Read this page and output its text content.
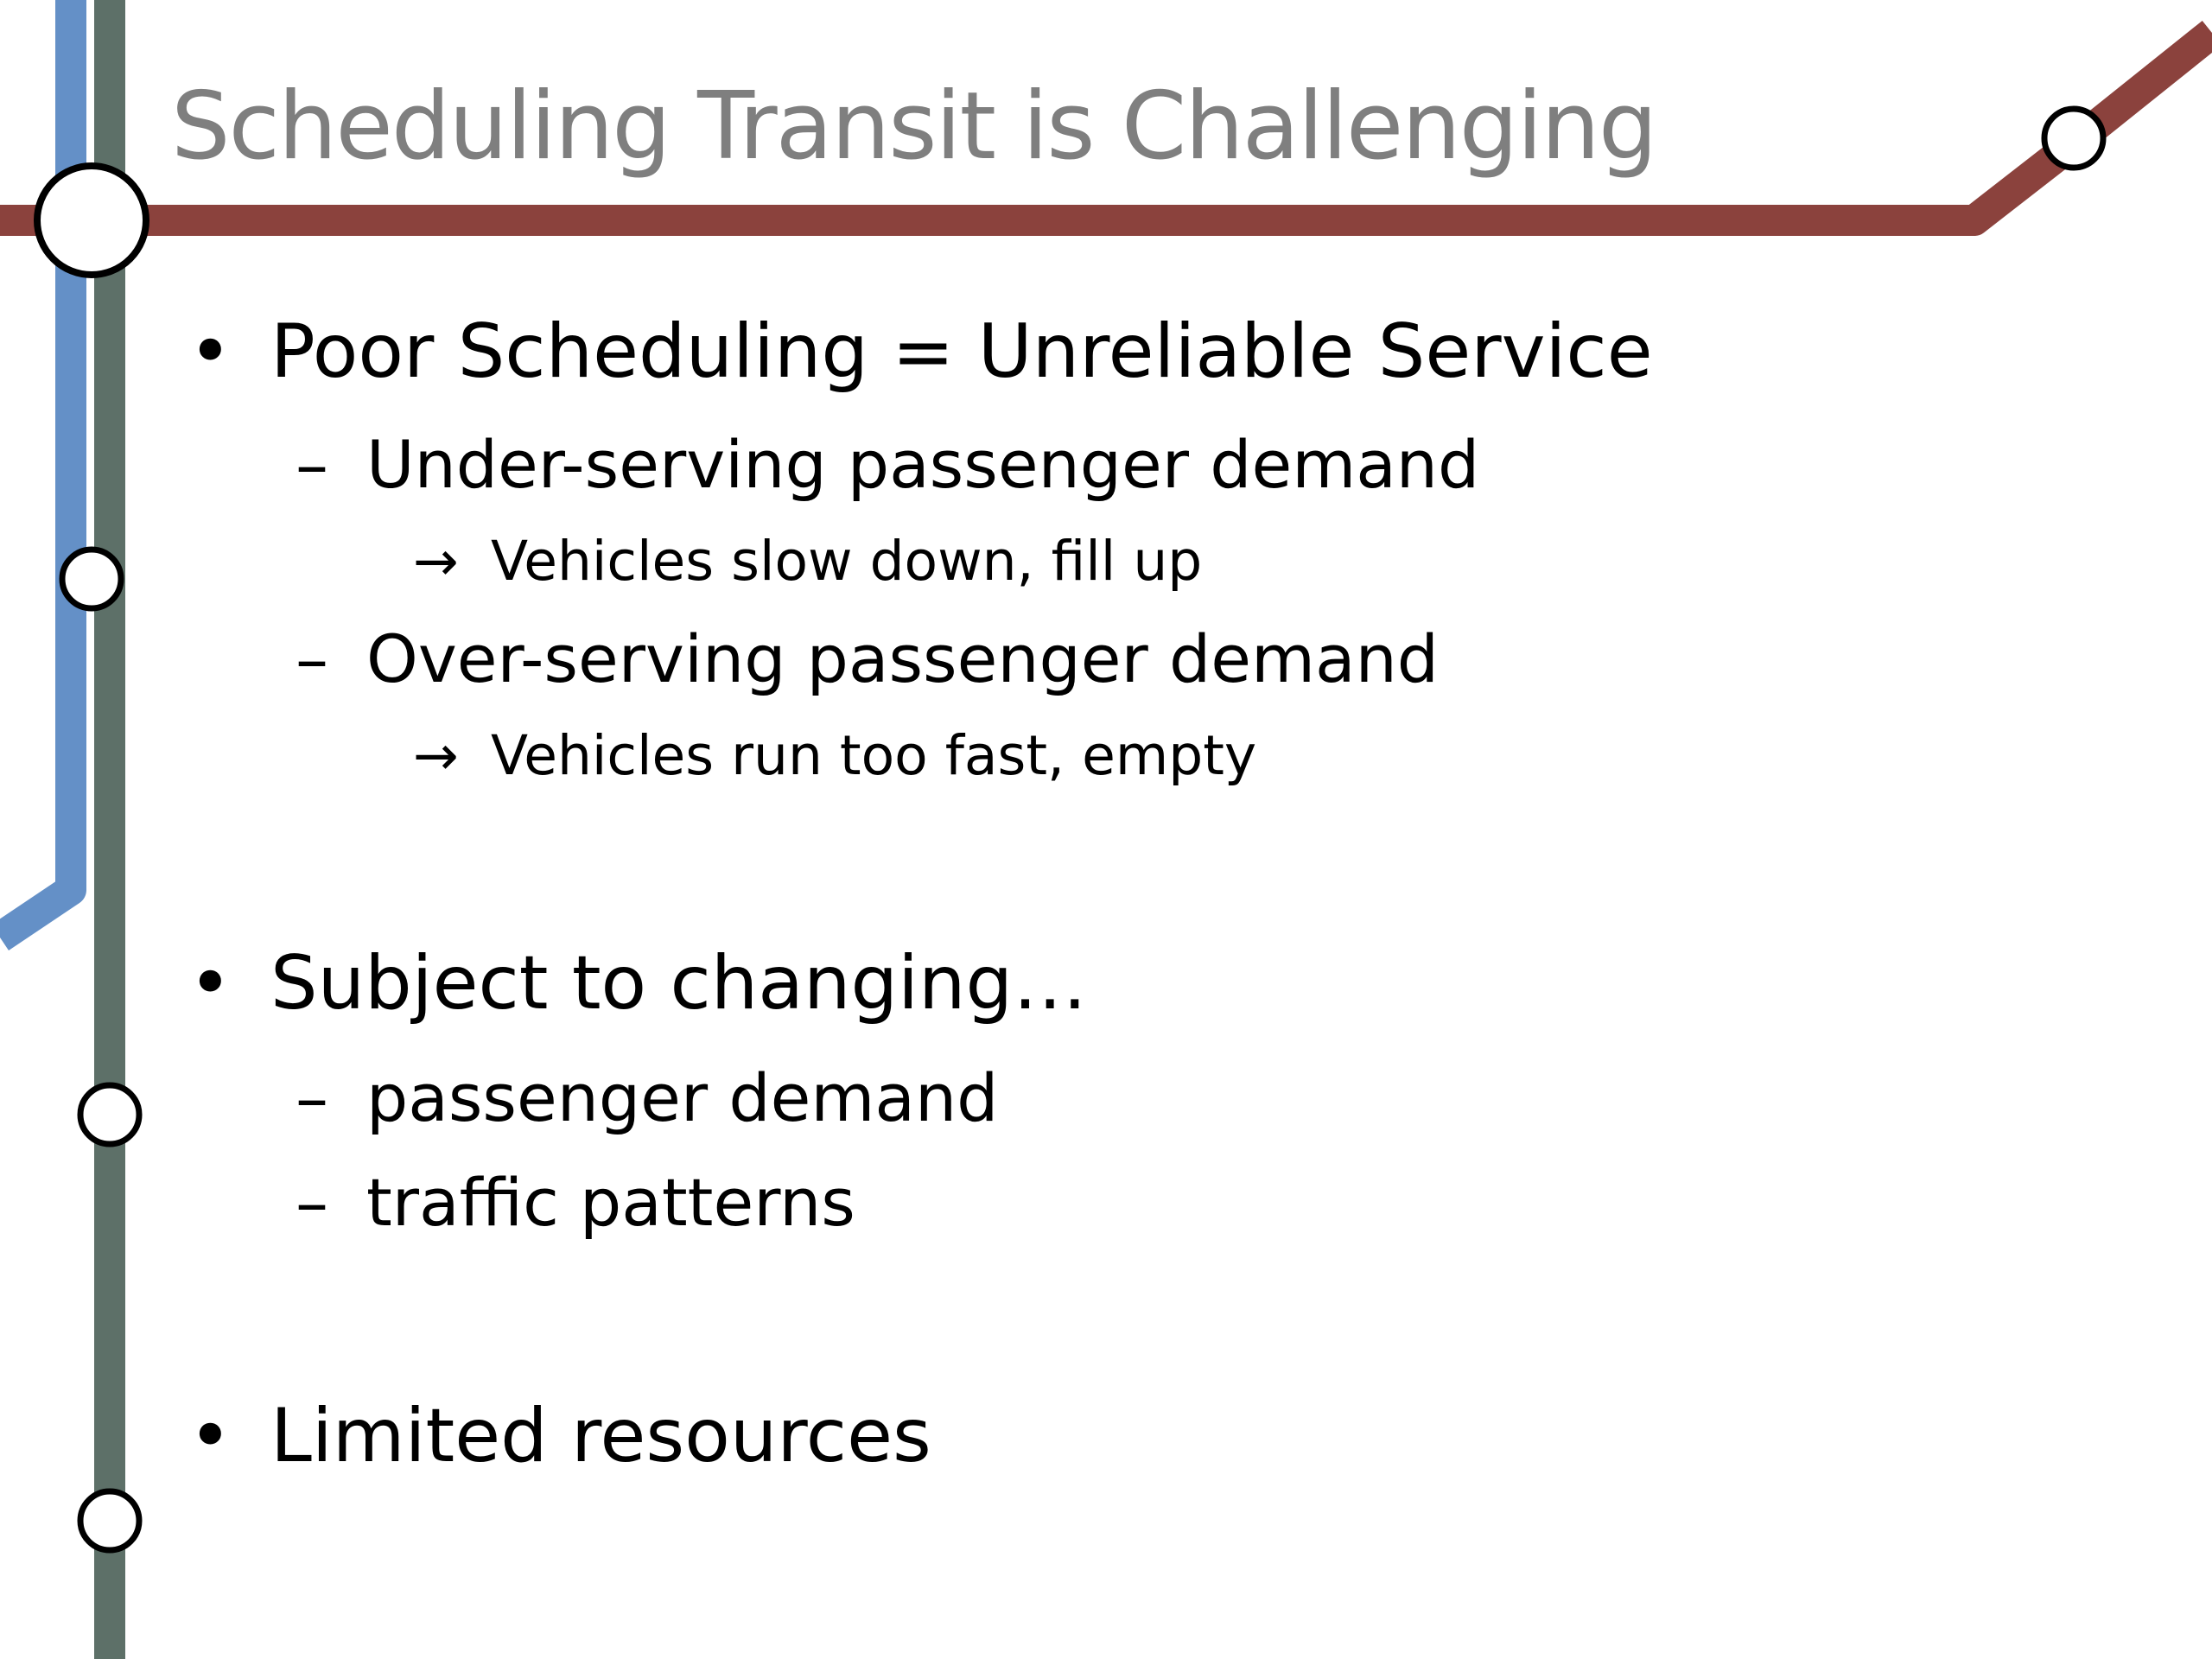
Scheduling Transit is Challenging
• Poor Scheduling = Unreliable Service
– Under-serving passenger demand
→ Vehicles slow down, fill up
– Over-serving passenger demand
→ Vehicles run too fast, empty
• Subject to changing…
– passenger demand
– traffic patterns
• Limited resources
